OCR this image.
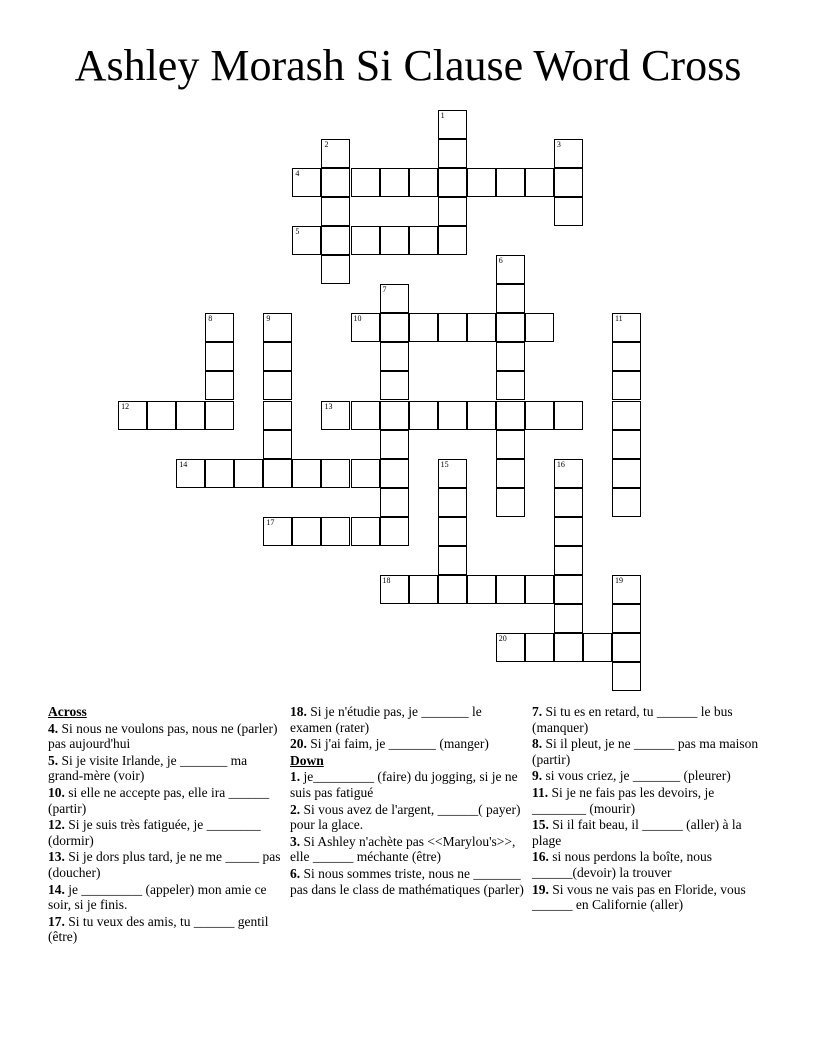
Ashley Morash Si Clause Word Cross
1
2	3
4
5
6
7
8	9	10	11
12	13
14	15	16
17
18	19
20
Across
4. Si nous ne voulons pas, nous ne (parler) pas aujourd'hui
5. Si je visite Irlande, je _______ ma grand-mère (voir)
10. si elle ne accepte pas, elle ira ______ (partir)
12. Si je suis très fatiguée, je ________ (dormir)
13. Si je dors plus tard, je ne me _____ pas (doucher)
14. je _________ (appeler) mon amie ce soir, si je finis.
17. Si tu veux des amis, tu ______ gentil (être)
18. Si je n'étudie pas, je _______ le examen (rater)
20. Si j'ai faim, je _______ (manger)
Down
1. je_________ (faire) du jogging, si je ne suis pas fatigué
2. Si vous avez de l'argent, ______( payer) pour la glace.
3. Si Ashley n'achète pas <<Marylou's>>, elle ______ méchante (être)
6. Si nous sommes triste, nous ne _______ pas dans le class de mathématiques (parler)
7. Si tu es en retard, tu ______ le bus (manquer)
8. Si il pleut, je ne ______ pas ma maison (partir)
9. si vous criez, je _______ (pleurer)
11. Si je ne fais pas les devoirs, je ________ (mourir)
15. Si il fait beau, il ______ (aller) à la plage
16. si nous perdons la boîte, nous ______(devoir) la trouver
19. Si vous ne vais pas en Floride, vous ______ en Californie (aller)
